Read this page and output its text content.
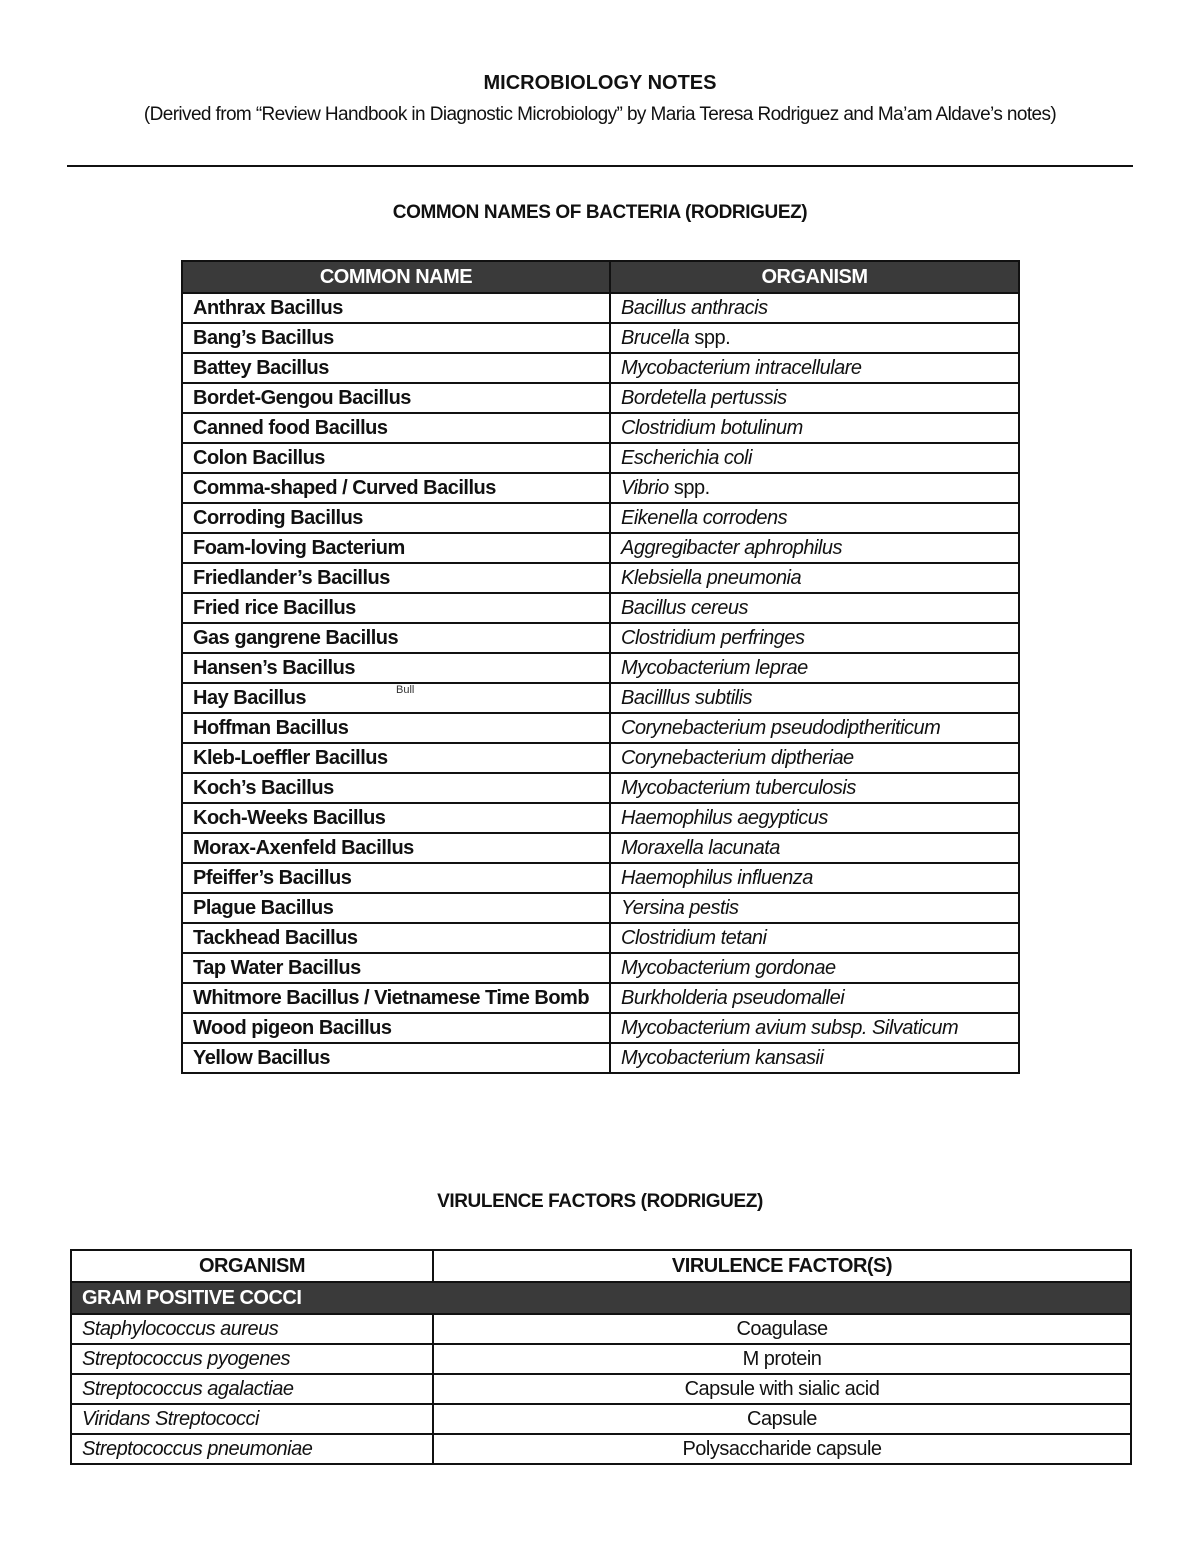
MICROBIOLOGY NOTES
(Derived from “Review Handbook in Diagnostic Microbiology” by Maria Teresa Rodriguez and Ma’am Aldave’s notes)
COMMON NAMES OF BACTERIA (RODRIGUEZ)
COMMON NAME	ORGANISM
Anthrax Bacillus	Bacillus anthracis
Bang’s Bacillus	Brucella spp.
Battey Bacillus	Mycobacterium intracellulare
Bordet-Gengou Bacillus	Bordetella pertussis
Canned food Bacillus	Clostridium botulinum
Colon Bacillus	Escherichia coli
Comma-shaped / Curved Bacillus	Vibrio spp.
Corroding Bacillus	Eikenella corrodens
Foam-loving Bacterium	Aggregibacter aphrophilus
Friedlander’s Bacillus	Klebsiella pneumonia
Fried rice Bacillus	Bacillus cereus
Gas gangrene Bacillus	Clostridium perfringes
Hansen’s Bacillus	Mycobacterium leprae
Hay Bacillus	Bacilllus subtilis
Hoffman Bacillus	Corynebacterium pseudodiptheriticum
Kleb-Loeffler Bacillus	Corynebacterium diptheriae
Koch’s Bacillus	Mycobacterium tuberculosis
Koch-Weeks Bacillus	Haemophilus aegypticus
Morax-Axenfeld Bacillus	Moraxella lacunata
Pfeiffer’s Bacillus	Haemophilus influenza
Plague Bacillus	Yersina pestis
Tackhead Bacillus	Clostridium tetani
Tap Water Bacillus	Mycobacterium gordonae
Whitmore Bacillus / Vietnamese Time Bomb	Burkholderia pseudomallei
Wood pigeon Bacillus	Mycobacterium avium subsp. Silvaticum
Yellow Bacillus	Mycobacterium kansasii
Bull
VIRULENCE FACTORS (RODRIGUEZ)
ORGANISM	VIRULENCE FACTOR(S)
GRAM POSITIVE COCCI	
Staphylococcus aureus	Coagulase
Streptococcus pyogenes	M protein
Streptococcus agalactiae	Capsule with sialic acid
Viridans Streptococci	Capsule
Streptococcus pneumoniae	Polysaccharide capsule
